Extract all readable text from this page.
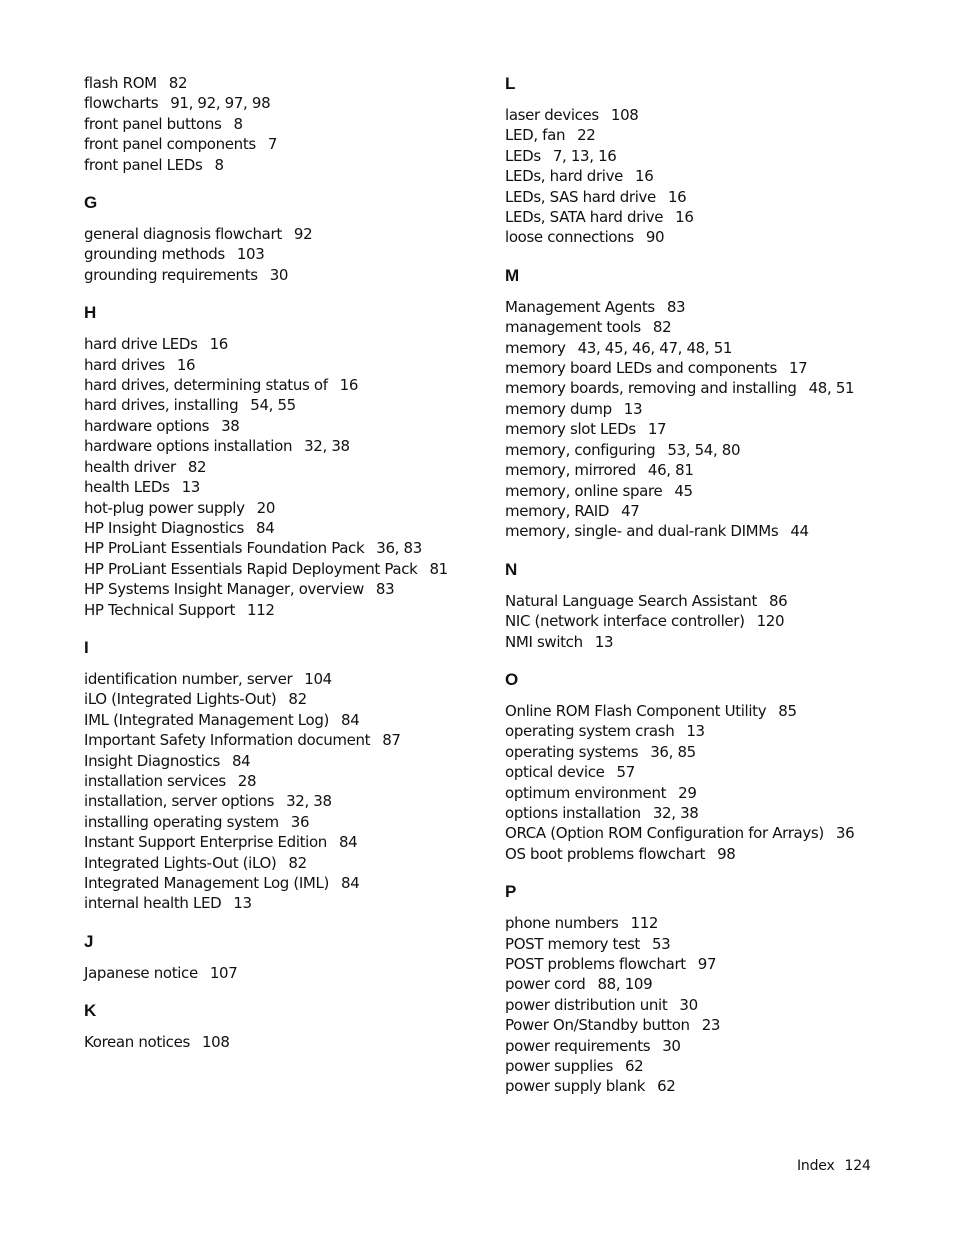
flash ROM 82
flowcharts 91, 92, 97, 98
front panel buttons 8
front panel components 7
front panel LEDs 8
G
general diagnosis flowchart 92
grounding methods 103
grounding requirements 30
H
hard drive LEDs 16
hard drives 16
hard drives, determining status of 16
hard drives, installing 54, 55
hardware options 38
hardware options installation 32, 38
health driver 82
health LEDs 13
hot-plug power supply 20
HP Insight Diagnostics 84
HP ProLiant Essentials Foundation Pack 36, 83
HP ProLiant Essentials Rapid Deployment Pack 81
HP Systems Insight Manager, overview 83
HP Technical Support 112
I
identification number, server 104
iLO (Integrated Lights-Out) 82
IML (Integrated Management Log) 84
Important Safety Information document 87
Insight Diagnostics 84
installation services 28
installation, server options 32, 38
installing operating system 36
Instant Support Enterprise Edition 84
Integrated Lights-Out (iLO) 82
Integrated Management Log (IML) 84
internal health LED 13
J
Japanese notice 107
K
Korean notices 108
L
laser devices 108
LED, fan 22
LEDs 7, 13, 16
LEDs, hard drive 16
LEDs, SAS hard drive 16
LEDs, SATA hard drive 16
loose connections 90
M
Management Agents 83
management tools 82
memory 43, 45, 46, 47, 48, 51
memory board LEDs and components 17
memory boards, removing and installing 48, 51
memory dump 13
memory slot LEDs 17
memory, configuring 53, 54, 80
memory, mirrored 46, 81
memory, online spare 45
memory, RAID 47
memory, single- and dual-rank DIMMs 44
N
Natural Language Search Assistant 86
NIC (network interface controller) 120
NMI switch 13
O
Online ROM Flash Component Utility 85
operating system crash 13
operating systems 36, 85
optical device 57
optimum environment 29
options installation 32, 38
ORCA (Option ROM Configuration for Arrays) 36
OS boot problems flowchart 98
P
phone numbers 112
POST memory test 53
POST problems flowchart 97
power cord 88, 109
power distribution unit 30
Power On/Standby button 23
power requirements 30
power supplies 62
power supply blank 62
Index 124
